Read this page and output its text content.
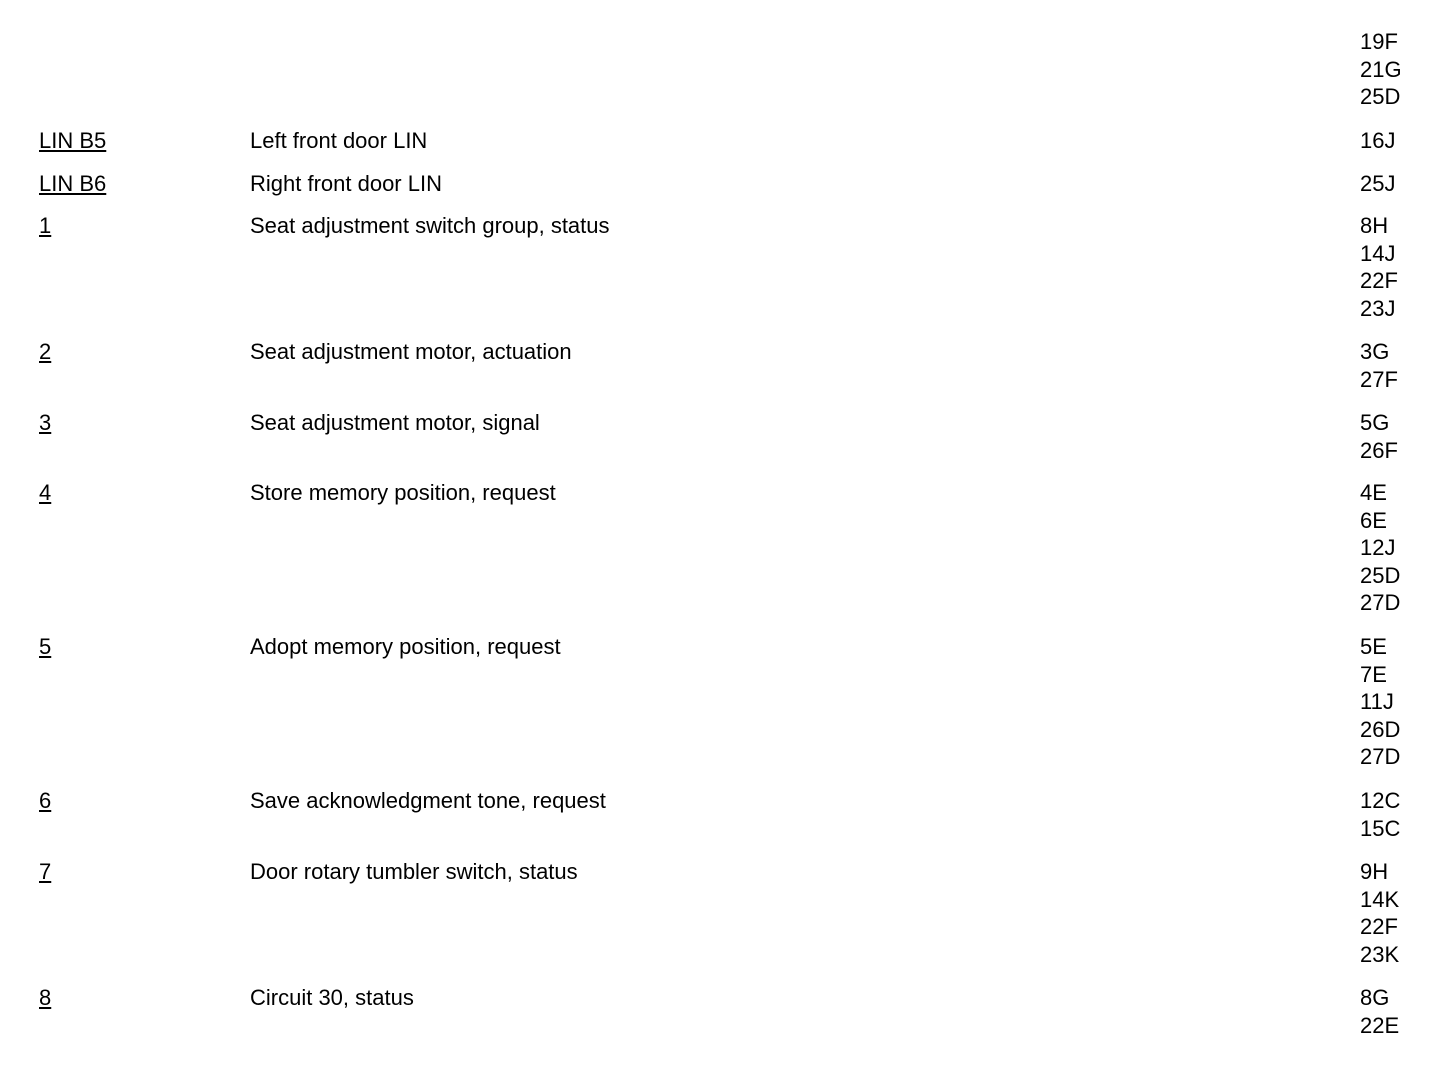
19F
21G
25D
LIN B5	Left front door LIN	16J
LIN B6	Right front door LIN	25J
1	Seat adjustment switch group, status	8H
14J
22F
23J
2	Seat adjustment motor, actuation	3G
27F
3	Seat adjustment motor, signal	5G
26F
4	Store memory position, request	4E
6E
12J
25D
27D
5	Adopt memory position, request	5E
7E
11J
26D
27D
6	Save acknowledgment tone, request	12C
15C
7	Door rotary tumbler switch, status	9H
14K
22F
23K
8	Circuit 30, status	8G
22E
